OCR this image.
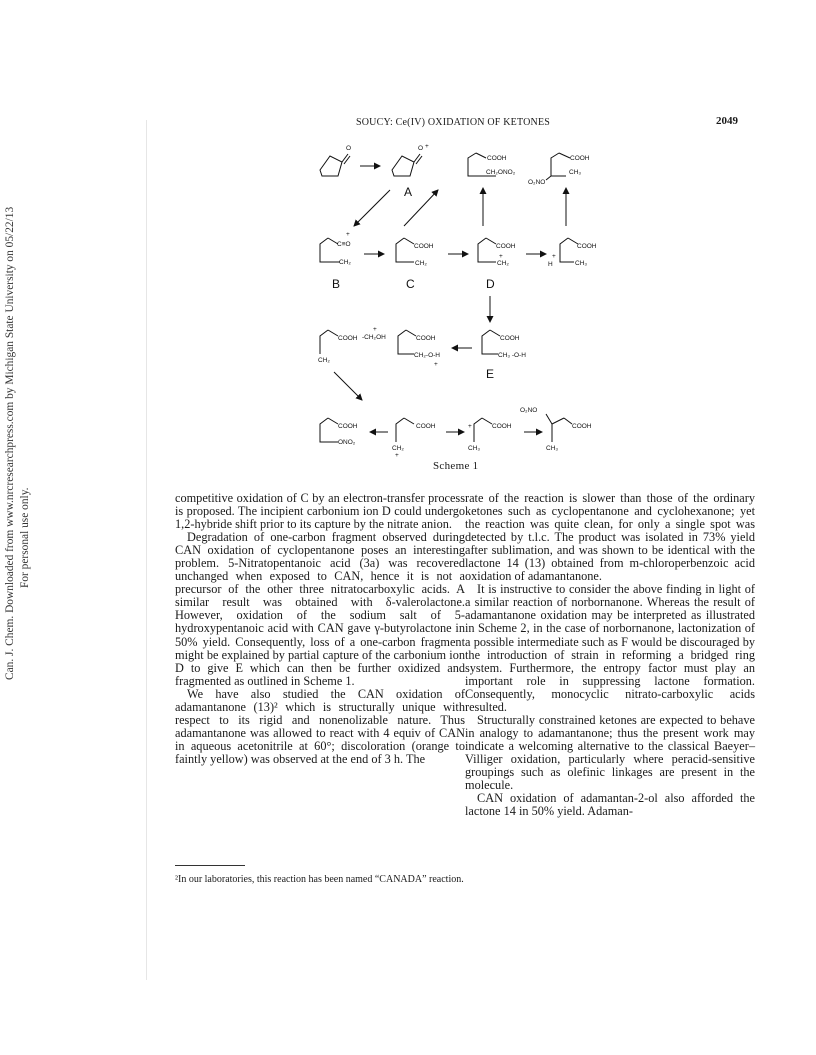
Can. J. Chem. Downloaded from www.nrcresearchpress.com by Michigan State University on 05/22/13 For personal use only.
SOUCY: Ce(IV) OXIDATION OF KETONES	2049
O	O +
A
COOH
CH₂ONO₂
COOH
CH₃
O₂NO
C≡O
+
CH₂
B
COOH
CH₂
C
COOH
+
CH₂
D
COOH
CH₃
+
H
COOH
CH₂
-CH₂OH
+
COOH
CH₂-O-H
+
COOH
CH₃ -O-H
E
COOH
ONO₂
COOH
CH₂
+
COOH
+
CH₃
O₂NO
COOH
CH₃
Scheme 1

competitive oxidation of C by an electron-transfer process is proposed. The incipient carbonium ion D could undergo 1,2-hybride shift prior to its capture by the nitrate anion.

Degradation of one-carbon fragment observed during CAN oxidation of cyclopentanone poses an interesting problem. 5-Nitratopentanoic acid (3a) was recovered unchanged when exposed to CAN, hence it is not a precursor of the other three nitratocarboxylic acids. A similar result was obtained with δ-valerolactone. However, oxidation of the sodium salt of 5-hydroxypentanoic acid with CAN gave γ-butyrolactone in 50% yield. Consequently, loss of a one-carbon fragment might be explained by partial capture of the carbonium ion D to give E which can then be further oxidized and fragmented as outlined in Scheme 1.

We have also studied the CAN oxidation of adamantanone (13)² which is structurally unique with respect to its rigid and nonenolizable nature. Thus adamantanone was allowed to react with 4 equiv of CAN in aqueous acetonitrile at 60°; discoloration (orange to faintly yellow) was observed at the end of 3 h. The

rate of the reaction is slower than those of the ordinary ketones such as cyclopentanone and cyclohexanone; yet the reaction was quite clean, for only a single spot was detected by t.l.c. The product was isolated in 73% yield after sublimation, and was shown to be identical with the lactone 14 (13) obtained from m-chloroperbenzoic acid oxidation of adamantanone.

It is instructive to consider the above finding in light of a similar reaction of norbornanone. Whereas the result of adamantanone oxidation may be interpreted as illustrated in Scheme 2, in the case of norbornanone, lactonization of a possible intermediate such as F would be discouraged by the introduction of strain in reforming a bridged ring system. Furthermore, the entropy factor must play an important role in suppressing lactone formation. Consequently, monocyclic nitrato-carboxylic acids resulted.

Structurally constrained ketones are expected to behave in analogy to adamantanone; thus the present work may indicate a welcoming alternative to the classical Baeyer–Villiger oxidation, particularly where peracid-sensitive groupings such as olefinic linkages are present in the molecule.

CAN oxidation of adamantan-2-ol also afforded the lactone 14 in 50% yield. Adaman-

²In our laboratories, this reaction has been named “CANADA” reaction.
